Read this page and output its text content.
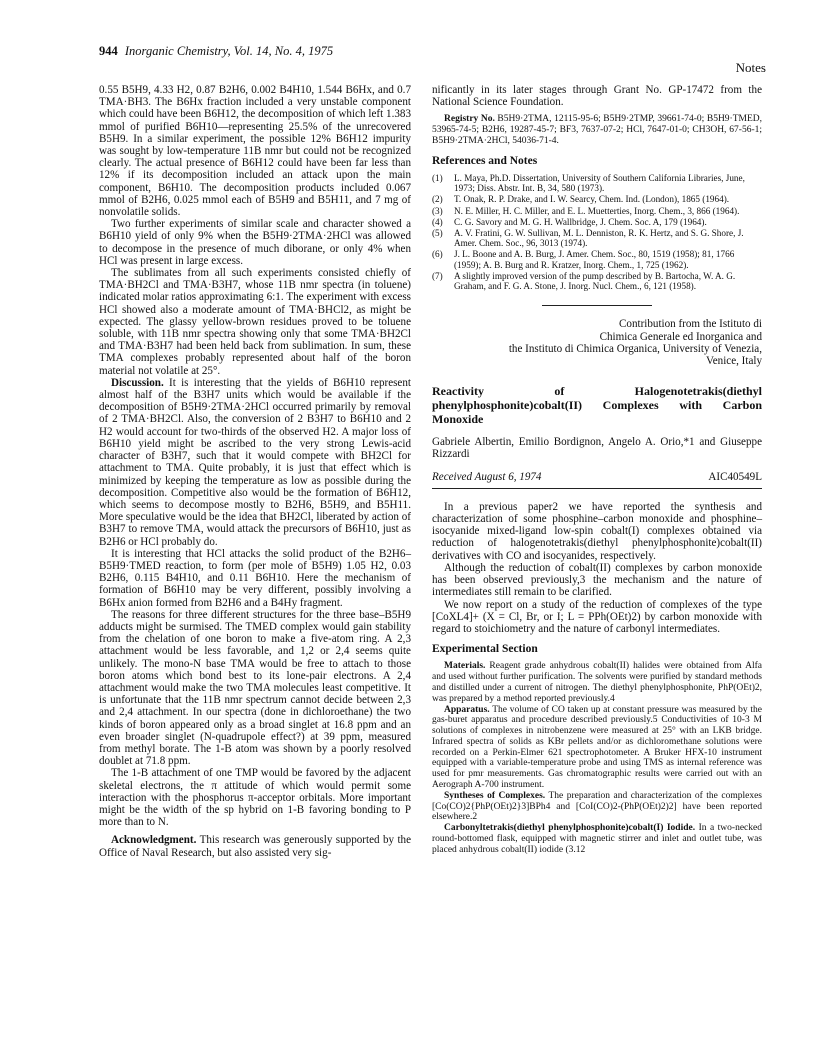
944 Inorganic Chemistry, Vol. 14, No. 4, 1975
Notes

0.55 B5H9, 4.33 H2, 0.87 B2H6, 0.002 B4H10, 1.544 B6Hx, and 0.7 TMA·BH3. The B6Hx fraction included a very unstable component which could have been B6H12, the decomposition of which left 1.383 mmol of purified B6H10—representing 25.5% of the unrecovered B5H9. In a similar experiment, the possible 12% B6H12 impurity was sought by low-temperature 11B nmr but could not be recognized clearly. The actual presence of B6H12 could have been far less than 12% if its decomposition included an attack upon the main component, B6H10. The decomposition products included 0.067 mmol of B2H6, 0.025 mmol each of B5H9 and B5H11, and 7 mg of nonvolatile solids.

Two further experiments of similar scale and character showed a B6H10 yield of only 9% when the B5H9·2TMA·2HCl was allowed to decompose in the presence of much diborane, or only 4% when HCl was present in large excess.

The sublimates from all such experiments consisted chiefly of TMA·BH2Cl and TMA·B3H7, whose 11B nmr spectra (in toluene) indicated molar ratios approximating 6:1. The experiment with excess HCl showed also a moderate amount of TMA·BHCl2, as might be expected. The glassy yellow-brown residues proved to be toluene soluble, with 11B nmr spectra showing only that some TMA·BH2Cl and TMA·B3H7 had been held back from sublimation. In sum, these TMA complexes probably represented about half of the boron material not volatile at 25°.

Discussion. It is interesting that the yields of B6H10 represent almost half of the B3H7 units which would be available if the decomposition of B5H9·2TMA·2HCl occurred primarily by removal of 2 TMA·BH2Cl. Also, the conversion of 2 B3H7 to B6H10 and 2 H2 would account for two-thirds of the observed H2. A major loss of B6H10 yield might be ascribed to the very strong Lewis-acid character of B3H7, such that it would compete with BH2Cl for attachment to TMA. Quite probably, it is just that effect which is minimized by keeping the temperature as low as possible during the decomposition. Competitive also would be the formation of B6H12, which seems to decompose mostly to B2H6, B5H9, and B5H11. More speculative would be the idea that BH2Cl, liberated by action of B3H7 to remove TMA, would attack the precursors of B6H10, just as B2H6 or HCl probably do.

It is interesting that HCl attacks the solid product of the B2H6–B5H9·TMED reaction, to form (per mole of B5H9) 1.05 H2, 0.03 B2H6, 0.115 B4H10, and 0.11 B6H10. Here the mechanism of formation of B6H10 may be very different, possibly involving a B6Hx anion formed from B2H6 and a B4Hy fragment.

The reasons for three different structures for the three base–B5H9 adducts might be surmised. The TMED complex would gain stability from the chelation of one boron to make a five-atom ring. A 2,3 attachment would be less favorable, and 1,2 or 2,4 seems quite unlikely. The mono-N base TMA would be free to attach to those boron atoms which bond best to its lone-pair electrons. A 2,4 attachment would make the two TMA molecules least competitive. It is unfortunate that the 11B nmr spectrum cannot decide between 2,3 and 2,4 attachment. In our spectra (done in dichloroethane) the two kinds of boron appeared only as a broad singlet at 16.8 ppm and an even broader singlet (N-quadrupole effect?) at 39 ppm, measured from methyl borate. The 1-B atom was shown by a poorly resolved doublet at 71.8 ppm.

The 1-B attachment of one TMP would be favored by the adjacent skeletal electrons, the π attitude of which would permit some interaction with the phosphorus π-acceptor orbitals. More important might be the width of the sp hybrid on 1-B favoring bonding to P more than to N.

Acknowledgment. This research was generously supported by the Office of Naval Research, but also assisted very sig-

nificantly in its later stages through Grant No. GP-17472 from the National Science Foundation.

Registry No. B5H9·2TMA, 12115-95-6; B5H9·2TMP, 39661-74-0; B5H9·TMED, 53965-74-5; B2H6, 19287-45-7; BF3, 7637-07-2; HCl, 7647-01-0; CH3OH, 67-56-1; B5H9·2TMA·2HCl, 54036-71-4.

References and Notes
(1)	L. Maya, Ph.D. Dissertation, University of Southern California Libraries, June, 1973; Diss. Abstr. Int. B, 34, 580 (1973).
(2)	T. Onak, R. P. Drake, and I. W. Searcy, Chem. Ind. (London), 1865 (1964).
(3)	N. E. Miller, H. C. Miller, and E. L. Muetterties, Inorg. Chem., 3, 866 (1964).
(4)	C. G. Savory and M. G. H. Wallbridge, J. Chem. Soc. A, 179 (1964).
(5)	A. V. Fratini, G. W. Sullivan, M. L. Denniston, R. K. Hertz, and S. G. Shore, J. Amer. Chem. Soc., 96, 3013 (1974).
(6)	J. L. Boone and A. B. Burg, J. Amer. Chem. Soc., 80, 1519 (1958); 81, 1766 (1959); A. B. Burg and R. Kratzer, Inorg. Chem., 1, 725 (1962).
(7)	A slightly improved version of the pump described by B. Bartocha, W. A. G. Graham, and F. G. A. Stone, J. Inorg. Nucl. Chem., 6, 121 (1958).
Contribution from the Istituto di
Chimica Generale ed Inorganica and
the Instituto di Chimica Organica, University of Venezia,
Venice, Italy
Reactivity of Halogenotetrakis(diethyl phenylphosphonite)cobalt(II) Complexes with Carbon Monoxide
Gabriele Albertin, Emilio Bordignon, Angelo A. Orio,*1 and Giuseppe Rizzardi
Received August 6, 1974	AIC40549L

In a previous paper2 we have reported the synthesis and characterization of some phosphine–carbon monoxide and phosphine–isocyanide mixed-ligand low-spin cobalt(I) complexes obtained via reduction of halogenotetrakis(diethyl phenylphosphonite)cobalt(II) derivatives with CO and isocyanides, respectively.

Although the reduction of cobalt(II) complexes by carbon monoxide has been observed previously,3 the mechanism and the nature of intermediates still remain to be clarified.

We now report on a study of the reduction of complexes of the type [CoXL4]+ (X = Cl, Br, or I; L = PPh(OEt)2) by carbon monoxide with regard to stoichiometry and the nature of carbonyl intermediates.

Experimental Section

Materials. Reagent grade anhydrous cobalt(II) halides were obtained from Alfa and used without further purification. The solvents were purified by standard methods and distilled under a current of nitrogen. The diethyl phenylphosphonite, PhP(OEt)2, was prepared by a method reported previously.4

Apparatus. The volume of CO taken up at constant pressure was measured by the gas-buret apparatus and procedure described previously.5 Conductivities of 10-3 M solutions of complexes in nitrobenzene were measured at 25° with an LKB bridge. Infrared spectra of solids as KBr pellets and/or as dichloromethane solutions were recorded on a Perkin-Elmer 621 spectrophotometer. A Bruker HFX-10 instrument equipped with a variable-temperature probe and using TMS as internal reference was used for pmr measurements. Gas chromatographic results were carried out with an Aerograph A-700 instrument.

Syntheses of Complexes. The preparation and characterization of the complexes [Co(CO)2{PhP(OEt)2}3]BPh4 and [CoI(CO)2-(PhP(OEt)2)2] have been reported elsewhere.2

Carbonyltetrakis(diethyl phenylphosphonite)cobalt(I) Iodide. In a two-necked round-bottomed flask, equipped with magnetic stirrer and inlet and outlet tube, was placed anhydrous cobalt(II) iodide (3.12
